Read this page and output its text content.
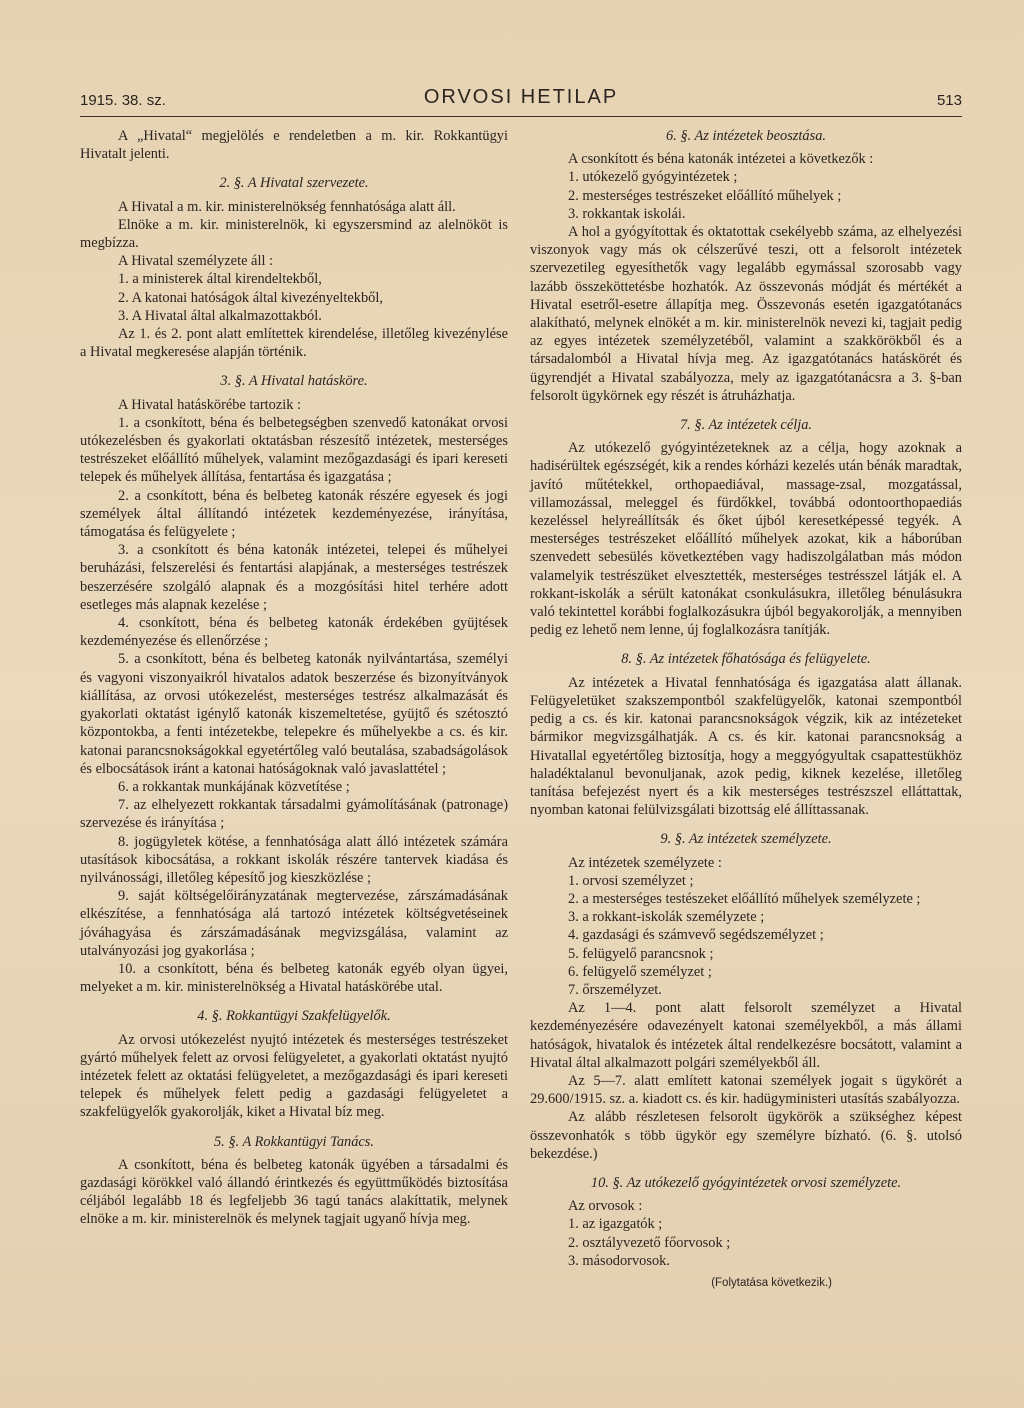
1915. 38. sz.	ORVOSI HETILAP	513

A „Hivatal“ megjelölés e rendeletben a m. kir. Rokkantügyi Hivatalt jelenti.

2. §. A Hivatal szervezete.

A Hivatal a m. kir. ministerelnökség fennhatósága alatt áll.

Elnöke a m. kir. ministerelnök, ki egyszersmind az alelnököt is megbízza.

A Hivatal személyzete áll :

1. a ministerek által kirendeltekből,

2. A katonai hatóságok által kivezényeltekből,

3. A Hivatal által alkalmazottakból.

Az 1. és 2. pont alatt említettek kirendelése, illetőleg kivezénylése a Hivatal megkeresése alapján történik.

3. §. A Hivatal hatásköre.

A Hivatal hatáskörébe tartozik :

1. a csonkított, béna és belbetegségben szenvedő katonákat orvosi utókezelésben és gyakorlati oktatásban részesítő intézetek, mesterséges testrészeket előállító műhelyek, valamint mezőgazdasági és ipari kereseti telepek és műhelyek állítása, fentartása és igazgatása ;

2. a csonkított, béna és belbeteg katonák részére egyesek és jogi személyek által állítandó intézetek kezdeményezése, irányítása, támogatása és felügyelete ;

3. a csonkított és béna katonák intézetei, telepei és műhelyei beruházási, felszerelési és fentartási alapjának, a mesterséges testrészek beszerzésére szolgáló alapnak és a mozgósítási hitel terhére adott esetleges más alapnak kezelése ;

4. csonkított, béna és belbeteg katonák érdekében gyüjtések kezdeményezése és ellenőrzése ;

5. a csonkított, béna és belbeteg katonák nyilvántartása, személyi és vagyoni viszonyaikról hivatalos adatok beszerzése és bizonyítványok kiállítása, az orvosi utókezelést, mesterséges testrész alkalmazását és gyakorlati oktatást igénylő katonák kiszemeltetése, gyüjtő és szétosztó központokba, a fenti intézetekbe, telepekre és műhelyekbe a cs. és kir. katonai parancsnokságokkal egyetértőleg való beutalása, szabadságolások és elbocsátások iránt a katonai hatóságoknak való javaslattétel ;

6. a rokkantak munkájának közvetítése ;

7. az elhelyezett rokkantak társadalmi gyámolításának (patronage) szervezése és irányítása ;

8. jogügyletek kötése, a fennhatósága alatt álló intézetek számára utasítások kibocsátása, a rokkant iskolák részére tantervek kiadása és nyilvánossági, illetőleg képesítő jog kieszközlése ;

9. saját költségelőirányzatának megtervezése, zárszámadásának elkészítése, a fennhatósága alá tartozó intézetek költségvetéseinek jóváhagyása és zárszámadásának megvizsgálása, valamint az utalványozási jog gyakorlása ;

10. a csonkított, béna és belbeteg katonák egyéb olyan ügyei, melyeket a m. kir. ministerelnökség a Hivatal hatáskörébe utal.

4. §. Rokkantügyi Szakfelügyelők.

Az orvosi utókezelést nyujtó intézetek és mesterséges testrészeket gyártó műhelyek felett az orvosi felügyeletet, a gyakorlati oktatást nyujtó intézetek felett az oktatási felügyeletet, a mezőgazdasági és ipari kereseti telepek és műhelyek felett pedig a gazdasági felügyeletet a szakfelügyelők gyakorolják, kiket a Hivatal bíz meg.

5. §. A Rokkantügyi Tanács.

A csonkított, béna és belbeteg katonák ügyében a társadalmi és gazdasági körökkel való állandó érintkezés és együttműködés biztosítása céljából legalább 18 és legfeljebb 36 tagú tanács alakíttatik, melynek elnöke a m. kir. ministerelnök és melynek tagjait ugyanő hívja meg.

6. §. Az intézetek beosztása.

A csonkított és béna katonák intézetei a következők :

1. utókezelő gyógyintézetek ;

2. mesterséges testrészeket előállító műhelyek ;

3. rokkantak iskolái.

A hol a gyógyítottak és oktatottak csekélyebb száma, az elhelyezési viszonyok vagy más ok célszerűvé teszi, ott a felsorolt intézetek szervezetileg egyesíthetők vagy legalább egymással szorosabb vagy lazább összeköttetésbe hozhatók. Az összevonás módját és mértékét a Hivatal esetről-esetre állapítja meg. Összevonás esetén igazgatótanács alakítható, melynek elnökét a m. kir. ministerelnök nevezi ki, tagjait pedig az egyes intézetek személyzetéből, valamint a szakkörökből és a társadalomból a Hivatal hívja meg. Az igazgatótanács hatáskörét és ügyrendjét a Hivatal szabályozza, mely az igazgatótanácsra a 3. §-ban felsorolt ügykörnek egy részét is átruházhatja.

7. §. Az intézetek célja.

Az utókezelő gyógyintézeteknek az a célja, hogy azoknak a hadisérültek egészségét, kik a rendes kórházi kezelés után bénák maradtak, javító műtétekkel, orthopaediával, massage-zsal, mozgatással, villamozással, meleggel és fürdőkkel, továbbá odontoorthopaediás kezeléssel helyreállítsák és őket újból keresetképessé tegyék. A mesterséges testrészeket előállító műhelyek azokat, kik a háborúban szenvedett sebesülés következtében vagy hadiszolgálatban más módon valamelyik testrészüket elvesztették, mesterséges testrésszel látják el. A rokkant-iskolák a sérült katonákat csonkulásukra, illetőleg bénulásukra való tekintettel korábbi foglalkozásukra újból begyakorolják, a mennyiben pedig ez lehető nem lenne, új foglalkozásra tanítják.

8. §. Az intézetek főhatósága és felügyelete.

Az intézetek a Hivatal fennhatósága és igazgatása alatt állanak. Felügyeletüket szakszempontból szakfelügyelők, katonai szempontból pedig a cs. és kir. katonai parancsnokságok végzik, kik az intézeteket bármikor megvizsgálhatják. A cs. és kir. katonai parancsnokság a Hivatallal egyetértőleg biztosítja, hogy a meggyógyultak csapattestükhöz haladéktalanul bevonuljanak, azok pedig, kiknek kezelése, illetőleg tanítása befejezést nyert és a kik mesterséges testrészszel elláttattak, nyomban katonai felülvizsgálati bizottság elé állíttassanak.

9. §. Az intézetek személyzete.

Az intézetek személyzete :

1. orvosi személyzet ;

2. a mesterséges testészeket előállító műhelyek személyzete ;

3. a rokkant-iskolák személyzete ;

4. gazdasági és számvevő segédszemélyzet ;

5. felügyelő parancsnok ;

6. felügyelő személyzet ;

7. őrszemélyzet.

Az 1—4. pont alatt felsorolt személyzet a Hivatal kezdeményezésére odavezényelt katonai személyekből, a más állami hatóságok, hivatalok és intézetek által rendelkezésre bocsátott, valamint a Hivatal által alkalmazott polgári személyekből áll.

Az 5—7. alatt említett katonai személyek jogait s ügykörét a 29.600/1915. sz. a. kiadott cs. és kir. hadügyministeri utasítás szabályozza.

Az alább részletesen felsorolt ügykörök a szükséghez képest összevonhatók s több ügykör egy személyre bízható. (6. §. utolsó bekezdése.)

10. §. Az utókezelő gyógyintézetek orvosi személyzete.

Az orvosok :

1. az igazgatók ;

2. osztályvezető főorvosok ;

3. másodorvosok.

(Folytatása következik.)
